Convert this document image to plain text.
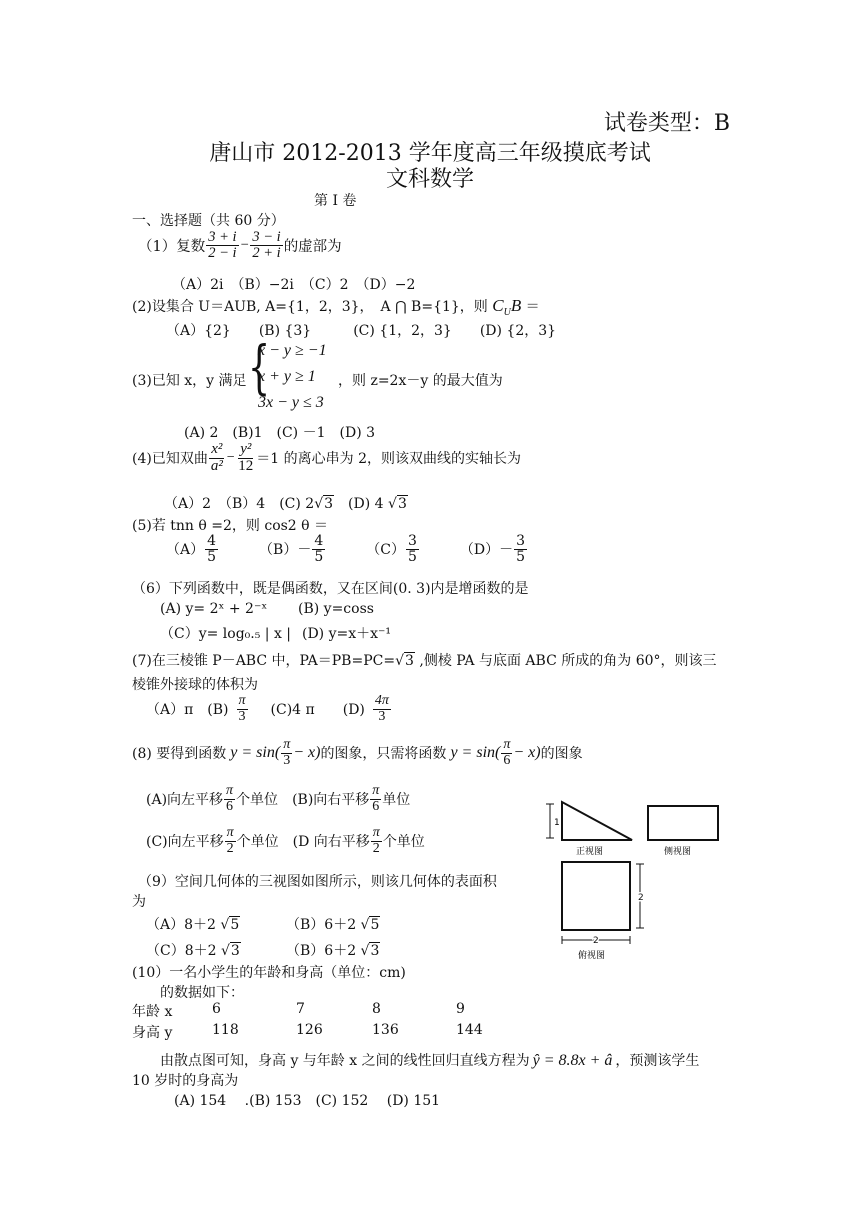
试卷类型：B
唐山市 2012-2013 学年度高三年级摸底考试
文科数学
第 I 卷
一、选择题（共 60 分）
（1）复数 $\frac{3 + i}{2 - i} - \frac{3 - i}{2 + i}$ 的虚部为
（A）2i　（B）−2i　（C）2　（D）−2
(2)设集合 U＝AUB, A={1，2，3}，　A ⋂ B={1}，则 $C_UB$ ＝
（A）{2}　　(B) {3}　　　(C) {1，2，3}　　(D) {2，3}
(3)已知 x，y 满足 {
x − y ≥ −1
x + y ≥ 1
3x − y ≤ 3
，则 z=2x－y 的最大值为
(A) 2　(B)1　(C) －1　(D) 3
(4)已知双曲 $\frac{\text{x²}}{\text{a²}} - \frac{\text{y²}}{12} =1$ 的离心串为 2，则该双曲线的实轴长为
（A）2　（B）4　(C) 2√3　(D) 4 √3
(5)若 tnn θ =2，则 cos2 θ ＝
$(A) \frac{4}{5}$	$(B)- \frac{4}{5}$	$(C) \frac{3}{5}$	$(D)- \frac{3}{5}$
（6）下列函数中，既是偶函数，又在区间(0. 3)内是增函数的是
(A) y= 2ˣ + 2⁻ˣ (B) y=coss
（C）y= log₀.₅ | x | (D) y=x＋x⁻¹
(7)在三棱锥 P－ABC 中，PA＝PB=PC=√3 ,侧棱 PA 与底面 ABC 所成的角为 60°，则该三
棱锥外接球的体积为
（A）π　$(B) \frac{\pi}{3} (C)4$ π　　$(D) \frac{4\pi}{3}$
(8) 要得到函数 $y = \sin( \frac{\pi}{3} - x)$ 的图象，只需将函数 $y = \sin( \frac{\pi}{6} - x)$ 的图象
(A)向左平移 $\frac{\pi}{6}$ 个单位 (B)向右平移 $\frac{\pi}{6}$ 单位
(C)向左平移 $\frac{\pi}{2}$ 个单位 (D 向右平移 $\frac{\pi}{2}$ 个单位
1
正视图	侧视图
2
2
俯视图
（9）空间几何体的三视图如图所示，则该几何体的表面积
为
（A）8＋2 √5	（B）6＋2 √5
（C）8＋2 √3	（B）6＋2 √3
(10）一名小学生的年龄和身高（单位：cm)
的数据如下：
年龄 x	6	7	8	9
身高 y	118	126	136	144
由散点图可知，身高 y 与年龄 x 之间的线性回归直线方程为 ŷ = 8.8x + â ，预测该学生
10 岁时的身高为
(A) 154　 .(B) 153　(C) 152　 (D) 151
